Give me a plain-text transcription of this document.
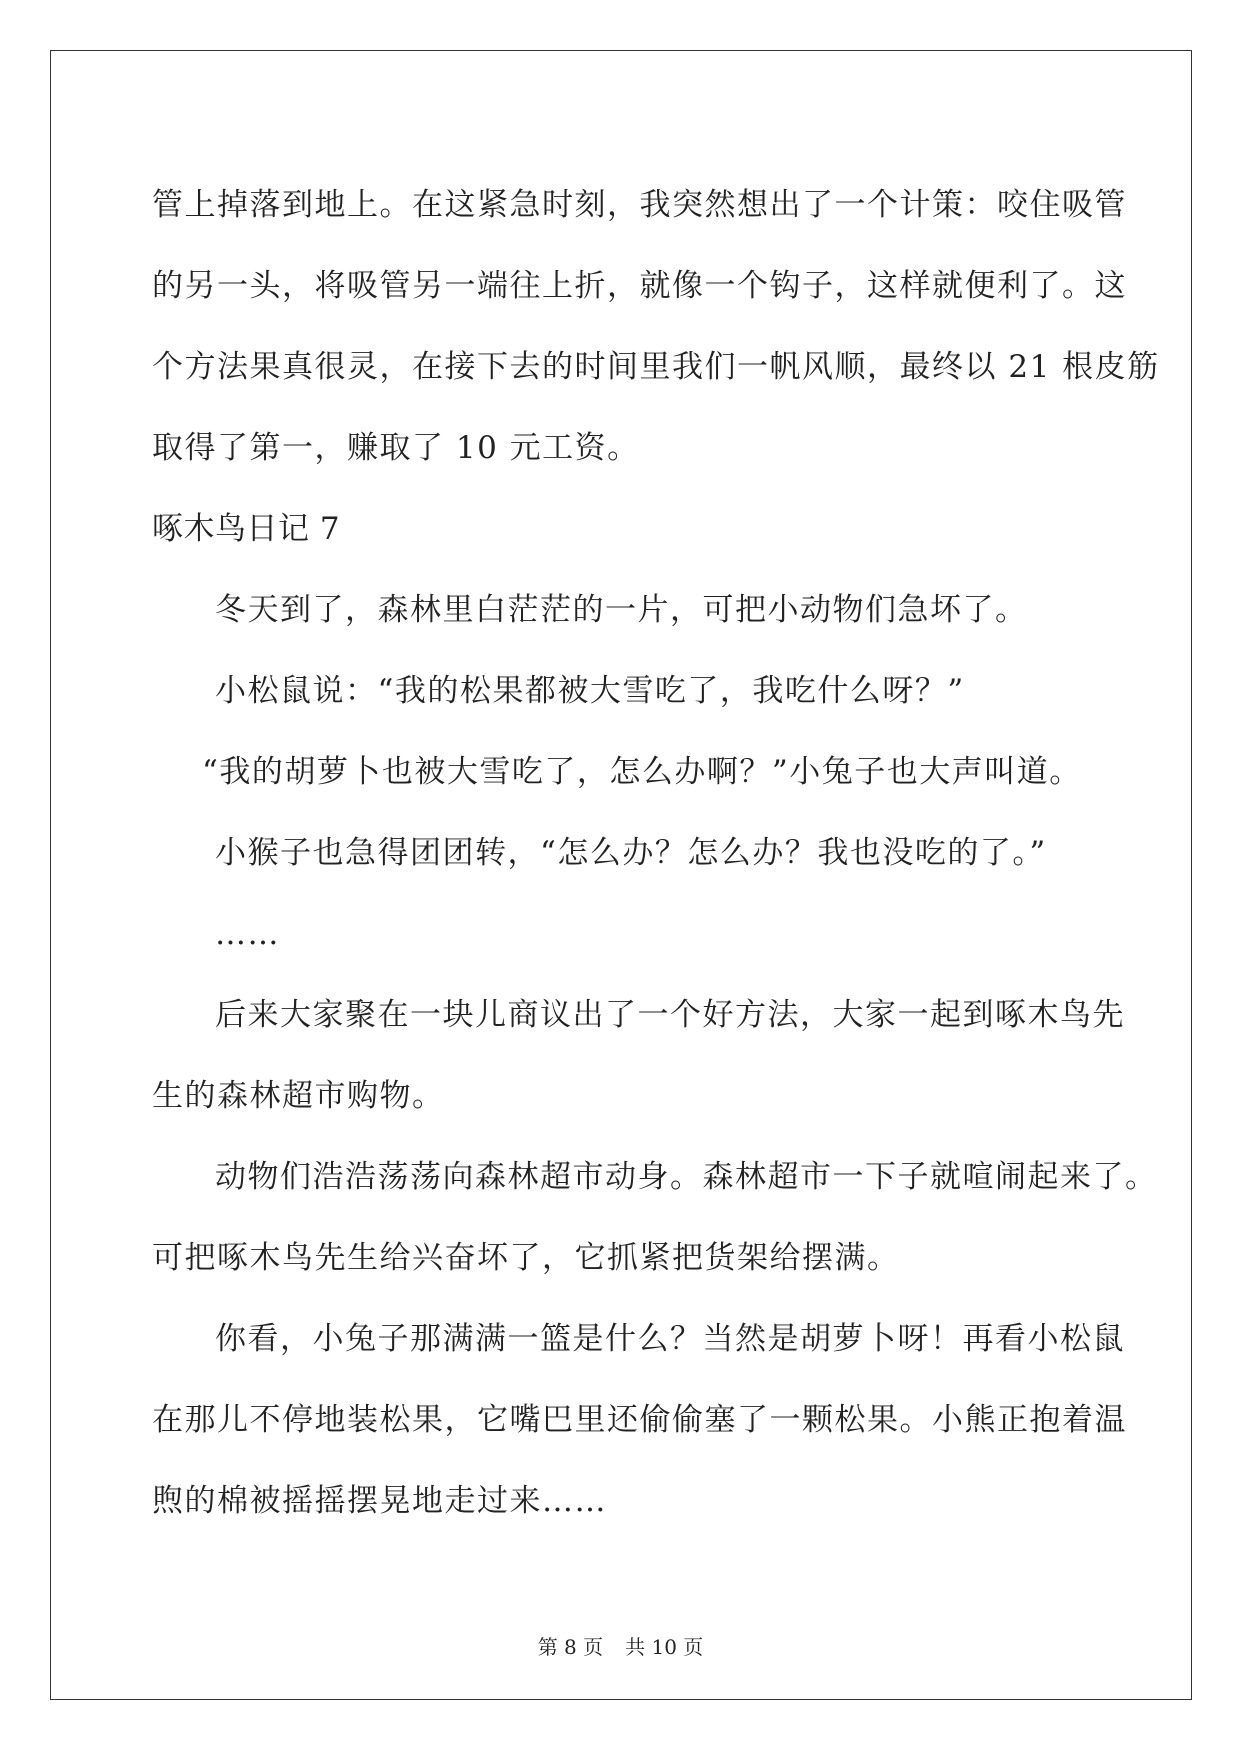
管上掉落到地上。在这紧急时刻，我突然想出了一个计策：咬住吸管

的另一头，将吸管另一端往上折，就像一个钩子，这样就便利了。这

个方法果真很灵，在接下去的时间里我们一帆风顺，最终以 21 根皮筋

取得了第一，赚取了 10 元工资。

啄木鸟日记 7

冬天到了，森林里白茫茫的一片，可把小动物们急坏了。

小松鼠说：“我的松果都被大雪吃了，我吃什么呀？”

“我的胡萝卜也被大雪吃了，怎么办啊？”小兔子也大声叫道。

小猴子也急得团团转，“怎么办？怎么办？我也没吃的了。”

……

后来大家聚在一块儿商议出了一个好方法，大家一起到啄木鸟先

生的森林超市购物。

动物们浩浩荡荡向森林超市动身。森林超市一下子就喧闹起来了。

可把啄木鸟先生给兴奋坏了，它抓紧把货架给摆满。

你看，小兔子那满满一篮是什么？当然是胡萝卜呀！再看小松鼠

在那儿不停地装松果，它嘴巴里还偷偷塞了一颗松果。小熊正抱着温

煦的棉被摇摇摆晃地走过来……

第 8 页 共 10 页
